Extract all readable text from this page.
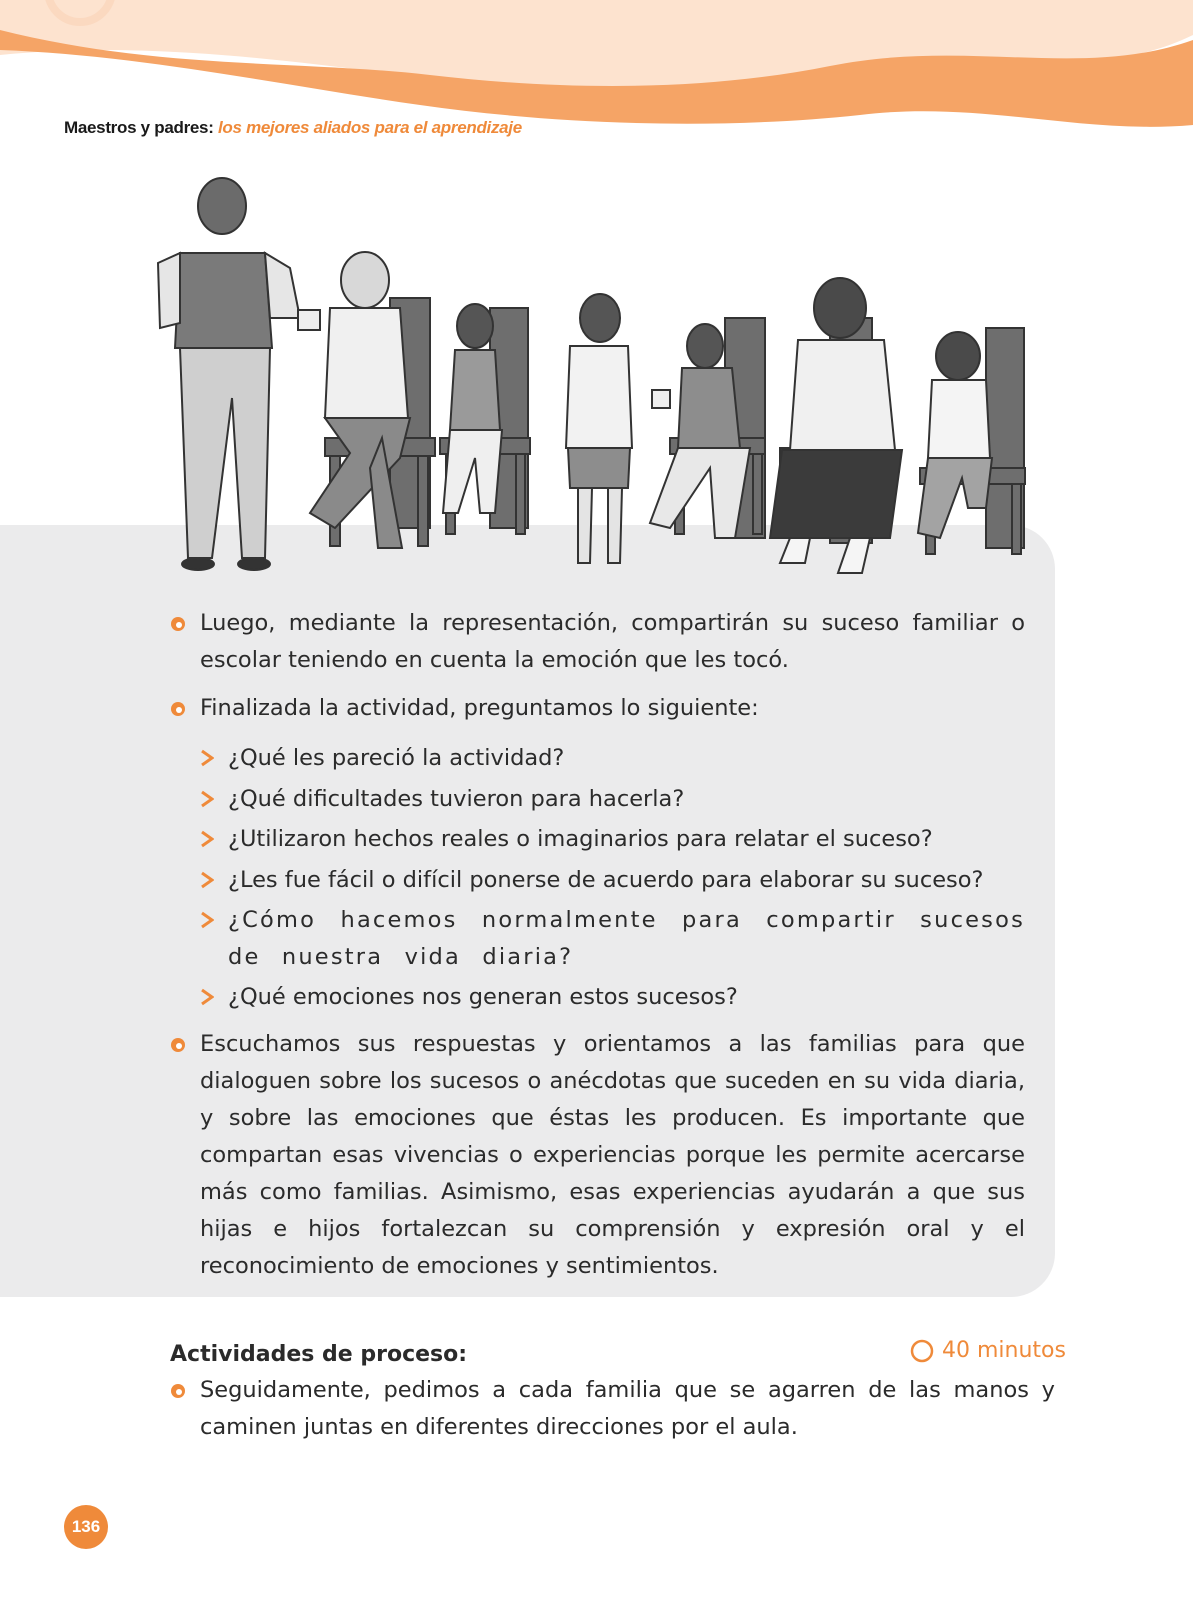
Maestros y padres: los mejores aliados para el aprendizaje
Luego, mediante la representación, compartirán su suceso familiar o escolar teniendo en cuenta la emoción que les tocó.
Finalizada la actividad, preguntamos lo siguiente:
¿Qué les pareció la actividad?
¿Qué dificultades tuvieron para hacerla?
¿Utilizaron hechos reales o imaginarios para relatar el suceso?
¿Les fue fácil o difícil ponerse de acuerdo para elaborar su suceso?
¿Cómo hacemos normalmente para compartir sucesos de nuestra vida diaria?
¿Qué emociones nos generan estos sucesos?
Escuchamos sus respuestas y orientamos a las familias para que dialoguen sobre los sucesos o anécdotas que suceden en su vida diaria, y sobre las emociones que éstas les producen. Es importante que compartan esas vivencias o experiencias porque les permite acercarse más como familias. Asimismo, esas experiencias ayudarán a que sus hijas e hijos fortalezcan su comprensión y expresión oral y el reconocimiento de emociones y sentimientos.
Actividades de proceso:	40 minutos
Seguidamente, pedimos a cada familia que se agarren de las manos y caminen juntas en diferentes direcciones por el aula.
136
